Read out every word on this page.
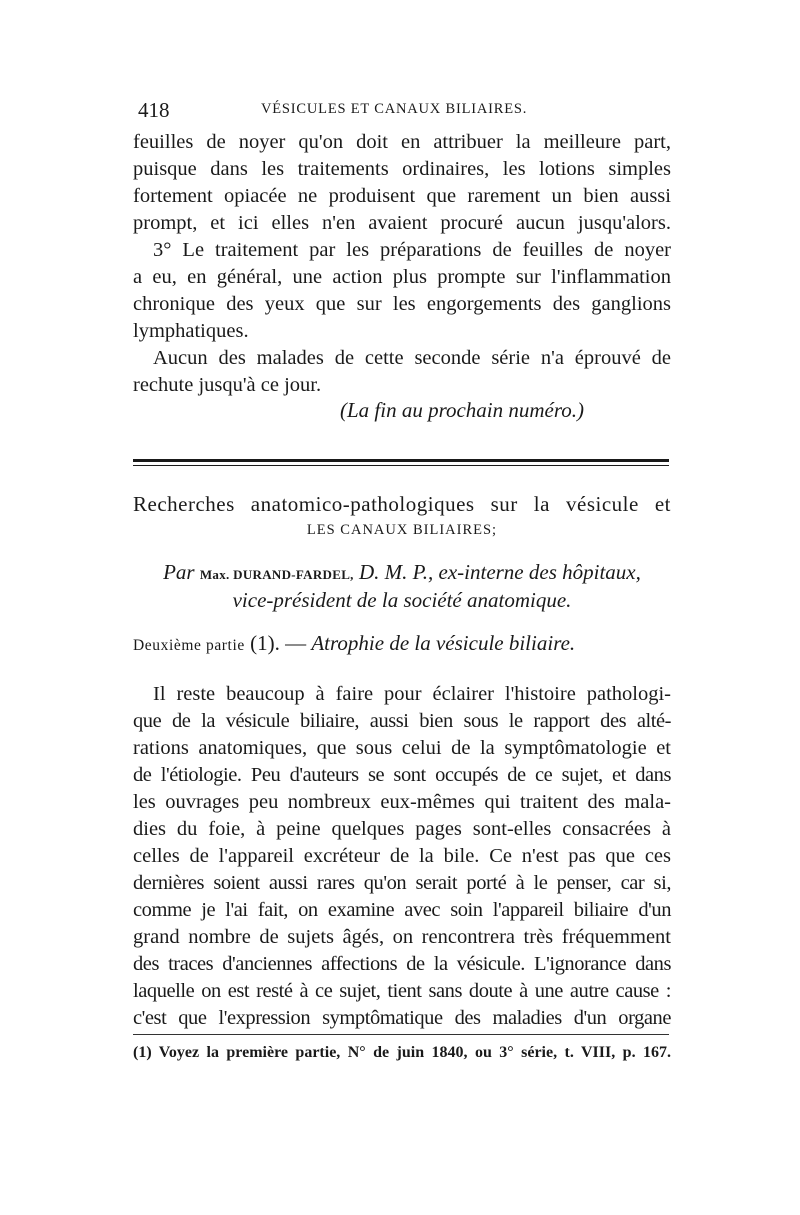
418	VÉSICULES ET CANAUX BILIAIRES.
feuilles de noyer qu'on doit en attribuer la meilleure part,
puisque dans les traitements ordinaires, les lotions simples
fortement opiacée ne produisent que rarement un bien aussi
prompt, et ici elles n'en avaient procuré aucun jusqu'alors.
3° Le traitement par les préparations de feuilles de noyer
a eu, en général, une action plus prompte sur l'inflammation
chronique des yeux que sur les engorgements des ganglions
lymphatiques.
Aucun des malades de cette seconde série n'a éprouvé de
rechute jusqu'à ce jour.
(La fin au prochain numéro.)
Recherches anatomico-pathologiques sur la vésicule et
LES CANAUX BILIAIRES;
Par Max. DURAND-FARDEL, D. M. P., ex-interne des hôpitaux,
vice-président de la société anatomique.
Deuxième partie (1). — Atrophie de la vésicule biliaire.
Il reste beaucoup à faire pour éclairer l'histoire pathologi-
que de la vésicule biliaire, aussi bien sous le rapport des alté-
rations anatomiques, que sous celui de la symptômatologie et
de l'étiologie. Peu d'auteurs se sont occupés de ce sujet, et dans
les ouvrages peu nombreux eux-mêmes qui traitent des mala-
dies du foie, à peine quelques pages sont-elles consacrées à
celles de l'appareil excréteur de la bile. Ce n'est pas que ces
dernières soient aussi rares qu'on serait porté à le penser, car si,
comme je l'ai fait, on examine avec soin l'appareil biliaire d'un
grand nombre de sujets âgés, on rencontrera très fréquemment
des traces d'anciennes affections de la vésicule. L'ignorance dans
laquelle on est resté à ce sujet, tient sans doute à une autre cause :
c'est que l'expression symptômatique des maladies d'un organe
(1) Voyez la première partie, N° de juin 1840, ou 3° série, t. VIII, p. 167.
